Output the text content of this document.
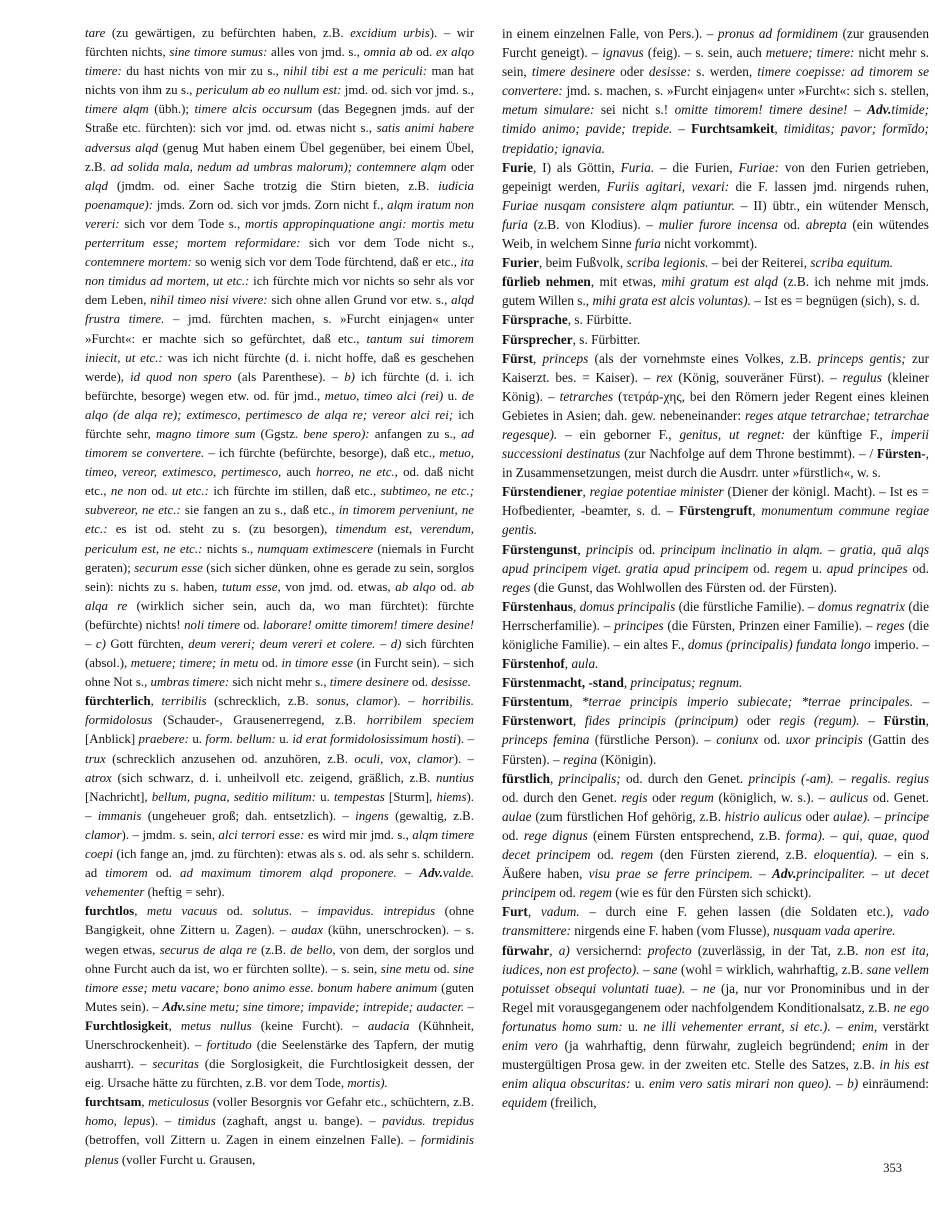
tare (zu gewärtigen, zu befürchten haben, z.B. excidium urbis). – wir fürchten nichts, sine timore sumus: alles von jmd. s., omnia ab od. ex alqo timere: du hast nichts von mir zu s., nihil tibi est a me periculi: man hat nichts von ihm zu s., periculum ab eo nullum est: jmd. od. sich vor jmd. s., timere alqm (übh.); timere alcis occursum (das Begegnen jmds. auf der Straße etc. fürchten): sich vor jmd. od. etwas nicht s., satis animi habere adversus alqd (genug Mut haben einem Übel gegenüber, bei einem Übel, z.B. ad solida mala, nedum ad umbras malorum); contemnere alqm oder alqd (jmdm. od. einer Sache trotzig die Stirn bieten, z.B. iudicia poenamque): jmds. Zorn od. sich vor jmds. Zorn nicht f., alqm iratum non vereri: sich vor dem Tode s., mortis appropinquatione angi: mortis metu perterritum esse; mortem reformidare: sich vor dem Tode nicht s., contemnere mortem: so wenig sich vor dem Tode fürchtend, daß er etc., ita non timidus ad mortem, ut etc.: ich fürchte mich vor nichts so sehr als vor dem Leben, nihil timeo nisi vivere: sich ohne allen Grund vor etw. s., alqd frustra timere. – jmd. fürchten machen, s. »Furcht einjagen« unter »Furcht«: er machte sich so gefürchtet, daß etc., tantum sui timorem iniecit, ut etc.: was ich nicht fürchte (d. i. nicht hoffe, daß es geschehen werde), id quod non spero (als Parenthese). – b) ich fürchte (d. i. ich befürchte, besorge) wegen etw. od. für jmd., metuo, timeo alci (rei) u. de alqo (de alqa re); extimesco, pertimesco de alqa re; vereor alci rei; ich fürchte sehr, magno timore sum (Ggstz. bene spero): anfangen zu s., ad timorem se convertere. – ich fürchte (befürchte, besorge), daß etc., metuo, timeo, vereor, extimesco, pertimesco, auch horreo, ne etc., od. daß nicht etc., ne non od. ut etc.: ich fürchte im stillen, daß etc., subtimeo, ne etc.; subvereor, ne etc.: sie fangen an zu s., daß etc., in timorem perveniunt, ne etc.: es ist od. steht zu s. (zu besorgen), timendum est, verendum, periculum est, ne etc.: nichts s., numquam extimescere (niemals in Furcht geraten); securum esse (sich sicher dünken, ohne es gerade zu sein, sorglos sein): nichts zu s. haben, tutum esse, von jmd. od. etwas, ab alqo od. ab alqa re (wirklich sicher sein, auch da, wo man fürchtet): fürchte (befürchte) nichts! noli timere od. laborare! omitte timorem! timere desine! – c) Gott fürchten, deum vereri; deum vereri et colere. – d) sich fürchten (absol.), metuere; timere; in metu od. in timore esse (in Furcht sein). – sich ohne Not s., umbras timere: sich nicht mehr s., timere desinere od. desisse.

fürchterlich, terribilis (schrecklich, z.B. sonus, clamor). – horribilis. formidolosus (Schauder-, Grausenerregend, z.B. horribilem speciem [Anblick] praebere: u. form. bellum: u. id erat formidolosissimum hosti). – trux (schrecklich anzusehen od. anzuhören, z.B. oculi, vox, clamor). – atrox (sich schwarz, d. i. unheilvoll etc. zeigend, gräßlich, z.B. nuntius [Nachricht], bellum, pugna, seditio militum: u. tempestas [Sturm], hiems). – immanis (ungeheuer groß; dah. entsetzlich). – ingens (gewaltig, z.B. clamor). – jmdm. s. sein, alci terrori esse: es wird mir jmd. s., alqm timere coepi (ich fange an, jmd. zu fürchten): etwas als s. od. als sehr s. schildern. ad timorem od. ad maximum timorem alqd proponere. – Adv.valde. vehementer (heftig = sehr).

furchtlos, metu vacuus od. solutus. – impavidus. intrepidus (ohne Bangigkeit, ohne Zittern u. Zagen). – audax (kühn, unerschrocken). – s. wegen etwas, securus de alqa re (z.B. de bello, von dem, der sorglos und ohne Furcht auch da ist, wo er fürchten sollte). – s. sein, sine metu od. sine timore esse; metu vacare; bono animo esse. bonum habere animum (guten Mutes sein). – Adv.sine metu; sine timore; impavide; intrepide; audacter. – Furchtlosigkeit, metus nullus (keine Furcht). – audacia (Kühnheit, Unerschrockenheit). – fortitudo (die Seelenstärke des Tapfern, der mutig ausharrt). – securitas (die Sorglosigkeit, die Furchtlosigkeit dessen, der eig. Ursache hätte zu fürchten, z.B. vor dem Tode, mortis).

furchtsam, meticulosus (voller Besorgnis vor Gefahr etc., schüchtern, z.B. homo, lepus). – timidus (zaghaft, angst u. bange). – pavidus. trepidus (betroffen, voll Zittern u. Zagen in einem einzelnen Falle). – formidinis plenus (voller Furcht u. Grausen,

in einem einzelnen Falle, von Pers.). – pronus ad formidinem (zur grausenden Furcht geneigt). – ignavus (feig). – s. sein, auch metuere; timere: nicht mehr s. sein, timere desinere oder desisse: s. werden, timere coepisse: ad timorem se convertere: jmd. s. machen, s. »Furcht einjagen« unter »Furcht«: sich s. stellen, metum simulare: sei nicht s.! omitte timorem! timere desine! – Adv.timide; timido animo; pavide; trepide. – Furchtsamkeit, timiditas; pavor; formīdo; trepidatio; ignavia.

Furie, I) als Göttin, Furia. – die Furien, Furiae: von den Furien getrieben, gepeinigt werden, Furiis agitari, vexari: die F. lassen jmd. nirgends ruhen, Furiae nusqam consistere alqm patiuntur. – II) übtr., ein wütender Mensch, furia (z.B. von Klodius). – mulier furore incensa od. abrepta (ein wütendes Weib, in welchem Sinne furia nicht vorkommt).

Furier, beim Fußvolk, scriba legionis. – bei der Reiterei, scriba equitum.

fürlieb nehmen, mit etwas, mihi gratum est alqd (z.B. ich nehme mit jmds. gutem Willen s., mihi grata est alcis voluntas). – Ist es = begnügen (sich), s. d.

Fürsprache, s. Fürbitte.

Fürsprecher, s. Fürbitter.

Fürst, princeps (als der vornehmste eines Volkes, z.B. princeps gentis; zur Kaiserzt. bes. = Kaiser). – rex (König, souveräner Fürst). – regulus (kleiner König). – tetrarches (τετράρ-χης, bei den Römern jeder Regent eines kleinen Gebietes in Asien; dah. gew. nebeneinander: reges atque tetrarchae; tetrarchae regesque). – ein geborner F., genitus, ut regnet: der künftige F., imperii successioni destinatus (zur Nachfolge auf dem Throne bestimmt). – / Fürsten-, in Zusammensetzungen, meist durch die Ausdrr. unter »fürstlich«, w. s.

Fürstendiener, regiae potentiae minister (Diener der königl. Macht). – Ist es = Hofbedienter, -beamter, s. d. – Fürstengruft, monumentum commune regiae gentis.

Fürstengunst, principis od. principum inclinatio in alqm. – gratia, quā alqs apud principem viget. gratia apud principem od. regem u. apud principes od. reges (die Gunst, das Wohlwollen des Fürsten od. der Fürsten).

Fürstenhaus, domus principalis (die fürstliche Familie). – domus regnatrix (die Herrscherfamilie). – principes (die Fürsten, Prinzen einer Familie). – reges (die königliche Familie). – ein altes F., domus (principalis) fundata longo imperio. – Fürstenhof, aula.

Fürstenmacht, -stand, principatus; regnum.

Fürstentum, *terrae principis imperio subiecate; *terrae principales. – Fürstenwort, fides principis (principum) oder regis (regum). – Fürstin, princeps femina (fürstliche Person). – coniunx od. uxor principis (Gattin des Fürsten). – regina (Königin).

fürstlich, principalis; od. durch den Genet. principis (-am). – regalis. regius od. durch den Genet. regis oder regum (königlich, w. s.). – aulicus od. Genet. aulae (zum fürstlichen Hof gehörig, z.B. histrio aulicus oder aulae). – principe od. rege dignus (einem Fürsten entsprechend, z.B. forma). – qui, quae, quod decet principem od. regem (den Fürsten zierend, z.B. eloquentia). – ein s. Äußere haben, visu prae se ferre principem. – Adv.principaliter. – ut decet principem od. regem (wie es für den Fürsten sich schickt).

Furt, vadum. – durch eine F. gehen lassen (die Soldaten etc.), vado transmittere: nirgends eine F. haben (vom Flusse), nusquam vada aperire.

fürwahr, a) versichernd: profecto (zuverlässig, in der Tat, z.B. non est ita, iudices, non est profecto). – sane (wohl = wirklich, wahrhaftig, z.B. sane vellem potuisset obsequi voluntati tuae). – ne (ja, nur vor Pronominibus und in der Regel mit vorausgegangenem oder nachfolgendem Konditionalsatz, z.B. ne ego fortunatus homo sum: u. ne illi vehementer errant, si etc.). – enim, verstärkt enim vero (ja wahrhaftig, denn fürwahr, zugleich begründend; enim in der mustergültigen Prosa gew. in der zweiten etc. Stelle des Satzes, z.B. in his est enim aliqua obscuritas: u. enim vero satis mirari non queo). – b) einräumend: equidem (freilich,

353
